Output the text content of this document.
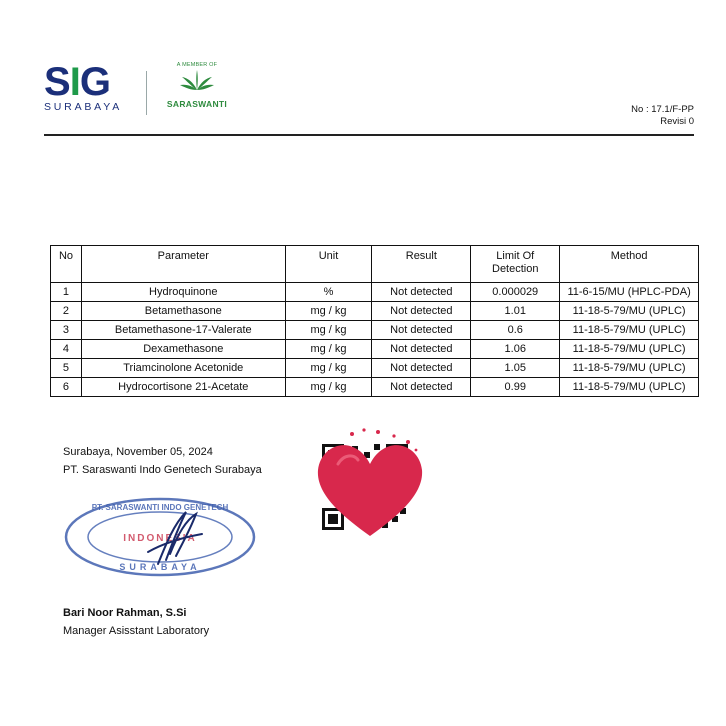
SIG
SURABAYA
A MEMBER OF
SARASWANTI	No : 17.1/F-PP
Revisi 0
No	Parameter	Unit	Result	Limit Of Detection	Method
1	Hydroquinone	%	Not detected	0.000029	11-6-15/MU (HPLC-PDA)
2	Betamethasone	mg / kg	Not detected	1.01	11-18-5-79/MU (UPLC)
3	Betamethasone-17-Valerate	mg / kg	Not detected	0.6	11-18-5-79/MU (UPLC)
4	Dexamethasone	mg / kg	Not detected	1.06	11-18-5-79/MU (UPLC)
5	Triamcinolone Acetonide	mg / kg	Not detected	1.05	11-18-5-79/MU (UPLC)
6	Hydrocortisone 21-Acetate	mg / kg	Not detected	0.99	11-18-5-79/MU (UPLC)
Surabaya, November 05, 2024
PT. Saraswanti Indo Genetech Surabaya
PT. SARASWANTI INDO GENETECH
INDONESIA
SURABAYA
Bari Noor Rahman, S.Si
Manager Asisstant Laboratory
